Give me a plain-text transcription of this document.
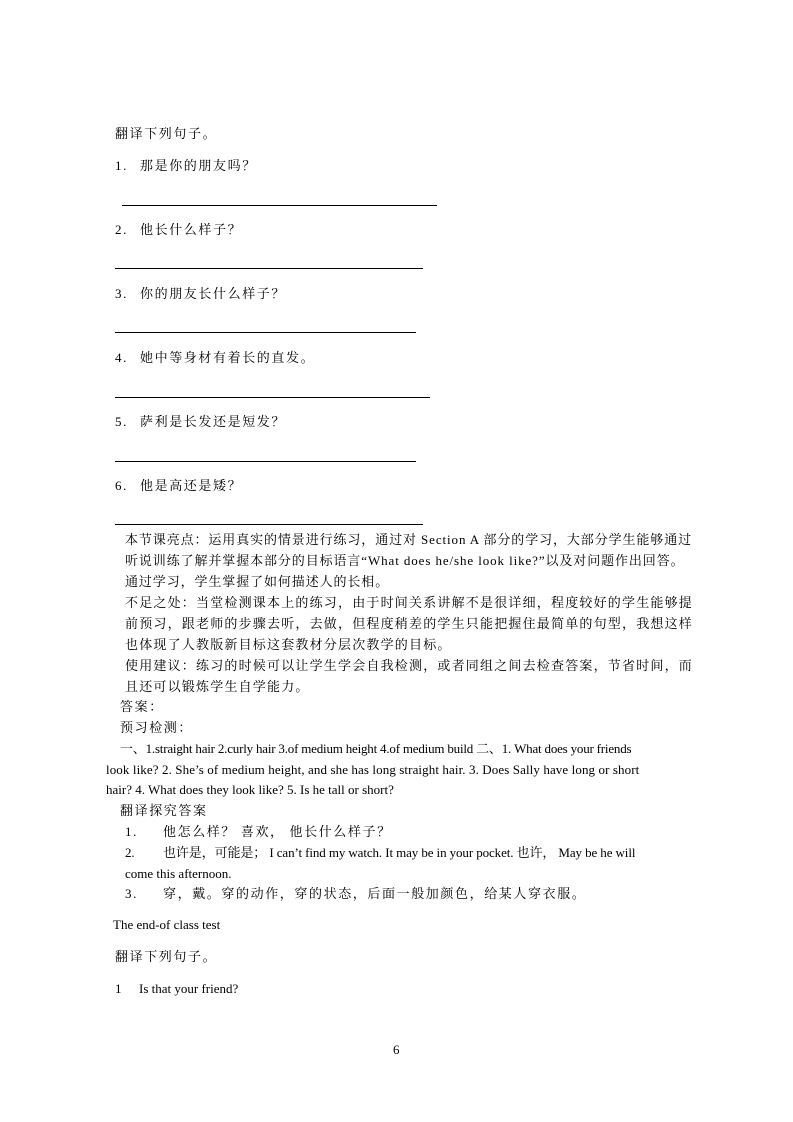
翻译下列句子。
1. 那是你的朋友吗？
2. 他长什么样子？
3. 你的朋友长什么样子？
4. 她中等身材有着长的直发。
5. 萨利是长发还是短发？
6. 他是高还是矮？
本节课亮点：运用真实的情景进行练习，通过对 Section A 部分的学习，大部分学生能够通过
听说训练了解并掌握本部分的目标语言“What does he/she look like?”以及对问题作出回答。
通过学习，学生掌握了如何描述人的长相。
不足之处：当堂检测课本上的练习，由于时间关系讲解不是很详细，程度较好的学生能够提
前预习，跟老师的步骤去听，去做，但程度稍差的学生只能把握住最简单的句型，我想这样
也体现了人教版新目标这套教材分层次教学的目标。
使用建议：练习的时候可以让学生学会自我检测，或者同组之间去检查答案，节省时间，而
且还可以锻炼学生自学能力。
答案：
预习检测：
一、1.straight hair 2.curly hair 3.of medium height 4.of medium build 二、1. What does your friends
look like? 2. She’s of medium height, and she has long straight hair. 3. Does Sally have long or short
hair? 4. What does they look like? 5. Is he tall or short?
翻译探究答案
1. 他怎么样？ 喜欢， 他长什么样子？
2. 也许是，可能是； I can’t find my watch. It may be in your pocket. 也许， May be he will
come this afternoon.
3. 穿，戴。穿的动作，穿的状态，后面一般加颜色，给某人穿衣服。
The end-of class test
翻译下列句子。
1 Is that your friend?
6
